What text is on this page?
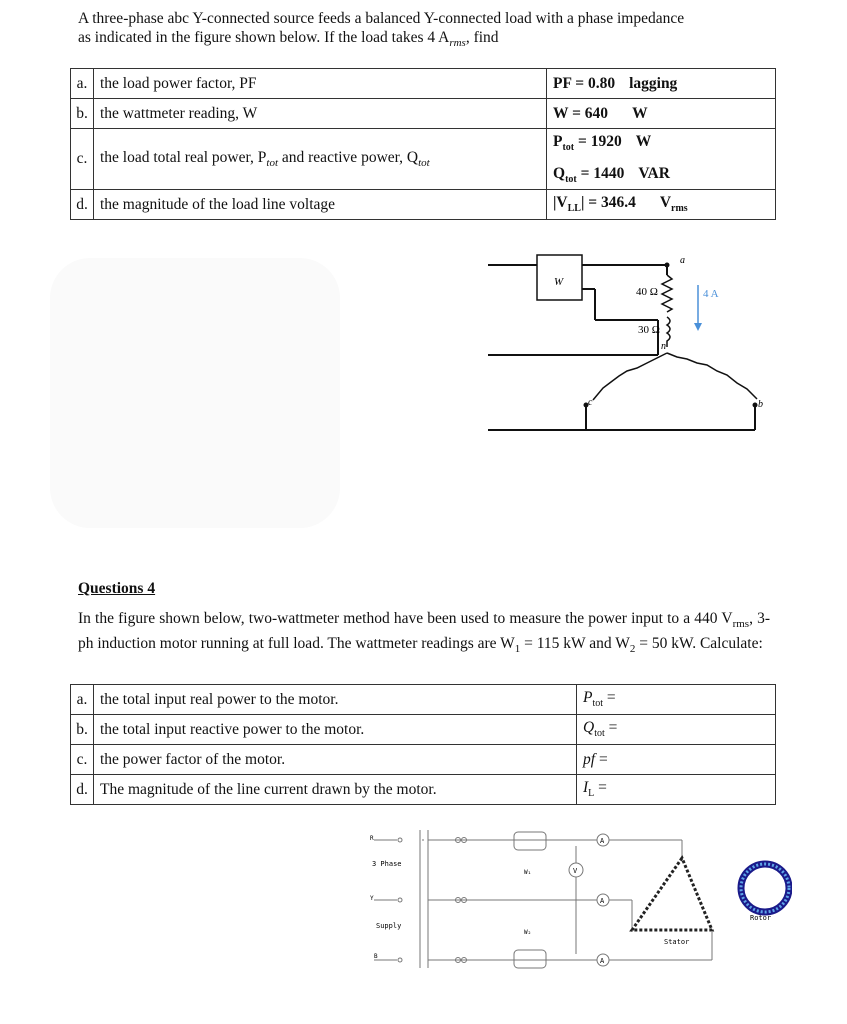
A three-phase abc Y-connected source feeds a balanced Y-connected load with a phase impedance
as indicated in the figure shown below. If the load takes 4 $A_{rms}$, find
a.	the load power factor, PF	PF = 0.80 lagging

b.	the wattmeter reading, W	W = 640 W

c.	the load total real power, $P_{tot}$ and reactive power, $Q_{tot}$	$P_{tot} = 1920$ W
$Q_{tot} = 1440$ VAR

d.	the magnitude of the load line voltage	$|V_{LL}| = 346.4$ $V_{rms}$
W
40 Ω
30 Ω
4 A
a
n
b
c
Questions 4
In the figure shown below, two-wattmeter method have been used to measure the power input to a 440 $V_{rms}$, 3-ph induction motor running at full load. The wattmeter readings are $W_1 = 115$ kW and $W_2 = 50$ kW. Calculate:
a.	the total input real power to the motor.	$P_{tot}$ =
b.	the total input reactive power to the motor.	$Q_{tot}$ =
c.	the power factor of the motor.	pf =
d.	The magnitude of the line current drawn by the motor.	$I_L$ =
R
Y
B
3 Phase
Supply
W₁
W₂
A
A
A
V
Stator
Rotor
